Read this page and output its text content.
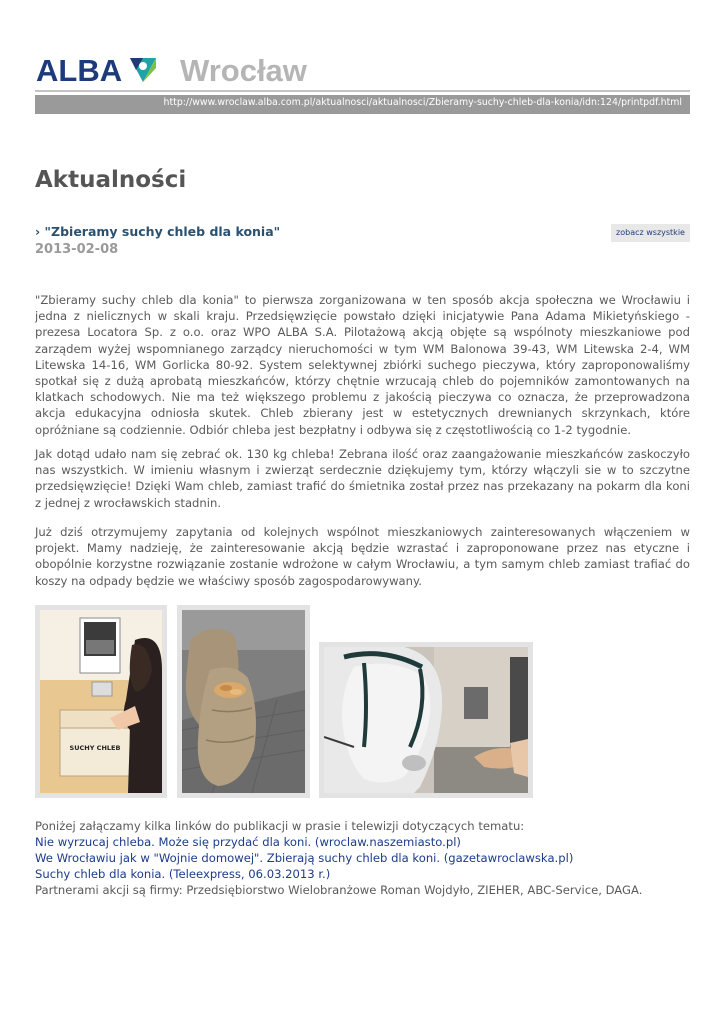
ALBA Wrocław
http://www.wroclaw.alba.com.pl/aktualnosci/aktualnosci/Zbieramy-suchy-chleb-dla-konia/idn:124/printpdf.html
Aktualności
› "Zbieramy suchy chleb dla konia"
2013-02-08
zobacz wszystkie

"Zbieramy suchy chleb dla konia" to pierwsza zorganizowana w ten sposób akcja społeczna we Wrocławiu i jedna z nielicznych w skali kraju. Przedsięwzięcie powstało dzięki inicjatywie Pana Adama Mikietyńskiego - prezesa Locatora Sp. z o.o. oraz WPO ALBA S.A. Pilotażową akcją objęte są wspólnoty mieszkaniowe pod zarządem wyżej wspomnianego zarządcy nieruchomości w tym WM Balonowa 39-43, WM Litewska 2-4, WM Litewska 14-16, WM Gorlicka 80-92. System selektywnej zbiórki suchego pieczywa, który zaproponowaliśmy spotkał się z dużą aprobatą mieszkańców, którzy chętnie wrzucają chleb do pojemników zamontowanych na klatkach schodowych. Nie ma też większego problemu z jakością pieczywa co oznacza, że przeprowadzona akcja edukacyjna odniosła skutek. Chleb zbierany jest w estetycznych drewnianych skrzynkach, które opróżniane są codziennie. Odbiór chleba jest bezpłatny i odbywa się z częstotliwością co 1-2 tygodnie.

Jak dotąd udało nam się zebrać ok. 130 kg chleba! Zebrana ilość oraz zaangażowanie mieszkańców zaskoczyło nas wszystkich. W imieniu własnym i zwierząt serdecznie dziękujemy tym, którzy włączyli sie w to szczytne przedsięwzięcie! Dzięki Wam chleb, zamiast trafić do śmietnika został przez nas przekazany na pokarm dla koni z jednej z wrocławskich stadnin.

Już dziś otrzymujemy zapytania od kolejnych wspólnot mieszkaniowych zainteresowanych włączeniem w projekt. Mamy nadzieję, że zainteresowanie akcją będzie wzrastać i zaproponowane przez nas etyczne i obopólnie korzystne rozwiązanie zostanie wdrożone w całym Wrocławiu, a tym samym chleb zamiast trafiać do koszy na odpady będzie we właściwy sposób zagospodarowywany.

SUCHY CHLEB
Poniżej załączamy kilka linków do publikacji w prasie i telewizji dotyczących tematu:
Nie wyrzucaj chleba. Może się przydać dla koni. (wroclaw.naszemiasto.pl)
We Wrocławiu jak w "Wojnie domowej". Zbierają suchy chleb dla koni. (gazetawroclawska.pl)
Suchy chleb dla konia. (Teleexpress, 06.03.2013 r.)
Partnerami akcji są firmy: Przedsiębiorstwo Wielobranżowe Roman Wojdyło, ZIEHER, ABC-Service, DAGA.
